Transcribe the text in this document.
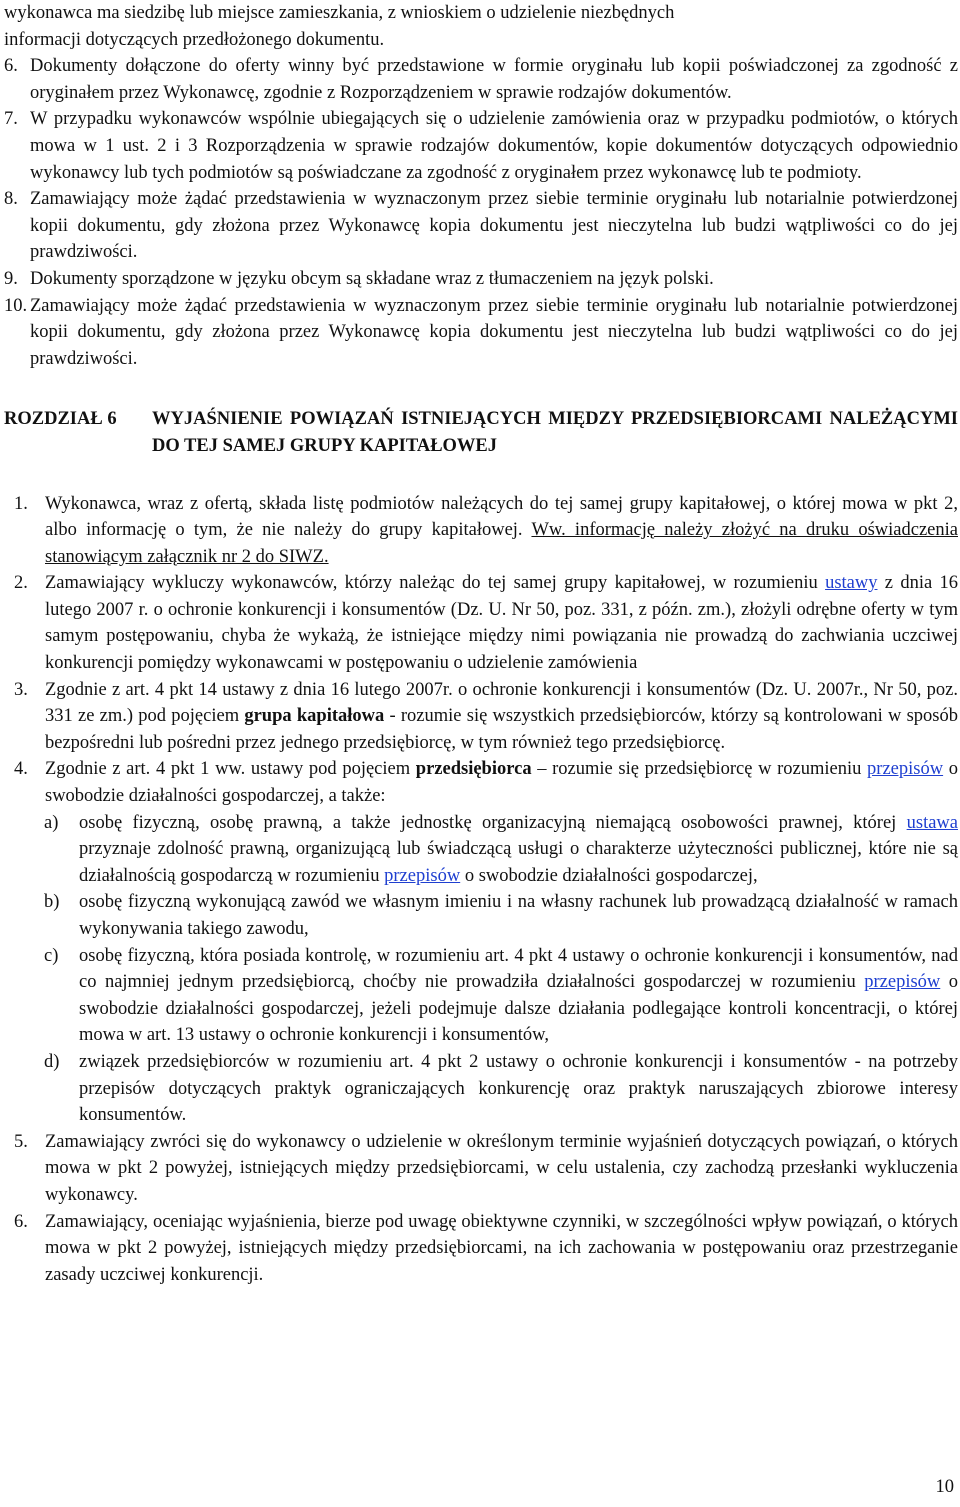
wykonawca ma siedzibę lub miejsce zamieszkania, z wnioskiem o udzielenie niezbędnych
informacji dotyczących przedłożonego dokumentu.
6. Dokumenty dołączone do oferty winny być przedstawione w formie oryginału lub kopii poświadczonej za zgodność z oryginałem przez Wykonawcę, zgodnie z Rozporządzeniem w sprawie rodzajów dokumentów.
7. W przypadku wykonawców wspólnie ubiegających się o udzielenie zamówienia oraz w przypadku podmiotów, o których mowa w 1 ust. 2 i 3 Rozporządzenia w sprawie rodzajów dokumentów, kopie dokumentów dotyczących odpowiednio wykonawcy lub tych podmiotów są poświadczane za zgodność z oryginałem przez wykonawcę lub te podmioty.
8. Zamawiający może żądać przedstawienia w wyznaczonym przez siebie terminie oryginału lub notarialnie potwierdzonej kopii dokumentu, gdy złożona przez Wykonawcę kopia dokumentu jest nieczytelna lub budzi wątpliwości co do jej prawdziwości.
9. Dokumenty sporządzone w języku obcym są składane wraz z tłumaczeniem na język polski.
10. Zamawiający może żądać przedstawienia w wyznaczonym przez siebie terminie oryginału lub notarialnie potwierdzonej kopii dokumentu, gdy złożona przez Wykonawcę kopia dokumentu jest nieczytelna lub budzi wątpliwości co do jej prawdziwości.
ROZDZIAŁ 6	WYJAŚNIENIE POWIĄZAŃ ISTNIEJĄCYCH MIĘDZY PRZEDSIĘBIORCAMI NALEŻĄCYMI DO TEJ SAMEJ GRUPY KAPITAŁOWEJ
1. Wykonawca, wraz z ofertą, składa listę podmiotów należących do tej samej grupy kapitałowej, o której mowa w pkt 2, albo informację o tym, że nie należy do grupy kapitałowej. Ww. informację należy złożyć na druku oświadczenia stanowiącym załącznik nr 2 do SIWZ.
2. Zamawiający wykluczy wykonawców, którzy należąc do tej samej grupy kapitałowej, w rozumieniu ustawy z dnia 16 lutego 2007 r. o ochronie konkurencji i konsumentów (Dz. U. Nr 50, poz. 331, z późn. zm.), złożyli odrębne oferty w tym samym postępowaniu, chyba że wykażą, że istniejące między nimi powiązania nie prowadzą do zachwiania uczciwej konkurencji pomiędzy wykonawcami w postępowaniu o udzielenie zamówienia
3. Zgodnie z art. 4 pkt 14 ustawy z dnia 16 lutego 2007r. o ochronie konkurencji i konsumentów (Dz. U. 2007r., Nr 50, poz. 331 ze zm.) pod pojęciem grupa kapitałowa - rozumie się wszystkich przedsiębiorców, którzy są kontrolowani w sposób bezpośredni lub pośredni przez jednego przedsiębiorcę, w tym również tego przedsiębiorcę.
4. Zgodnie z art. 4 pkt 1 ww. ustawy pod pojęciem przedsiębiorca – rozumie się przedsiębiorcę w rozumieniu przepisów o swobodzie działalności gospodarczej, a także:
a)	osobę fizyczną, osobę prawną, a także jednostkę organizacyjną niemającą osobowości prawnej, której ustawa przyznaje zdolność prawną, organizującą lub świadczącą usługi o charakterze użyteczności publicznej, które nie są działalnością gospodarczą w rozumieniu przepisów o swobodzie działalności gospodarczej,
b)	osobę fizyczną wykonującą zawód we własnym imieniu i na własny rachunek lub prowadzącą działalność w ramach wykonywania takiego zawodu,
c)	osobę fizyczną, która posiada kontrolę, w rozumieniu art. 4 pkt 4 ustawy o ochronie konkurencji i konsumentów, nad co najmniej jednym przedsiębiorcą, choćby nie prowadziła działalności gospodarczej w rozumieniu przepisów o swobodzie działalności gospodarczej, jeżeli podejmuje dalsze działania podlegające kontroli koncentracji, o której mowa w art. 13 ustawy o ochronie konkurencji i konsumentów,
d)	związek przedsiębiorców w rozumieniu art. 4 pkt 2 ustawy o ochronie konkurencji i konsumentów - na potrzeby przepisów dotyczących praktyk ograniczających konkurencję oraz praktyk naruszających zbiorowe interesy konsumentów.
5. Zamawiający zwróci się do wykonawcy o udzielenie w określonym terminie wyjaśnień dotyczących powiązań, o których mowa w pkt 2 powyżej, istniejących między przedsiębiorcami, w celu ustalenia, czy zachodzą przesłanki wykluczenia wykonawcy.
6. Zamawiający, oceniając wyjaśnienia, bierze pod uwagę obiektywne czynniki, w szczególności wpływ powiązań, o których mowa w pkt 2 powyżej, istniejących między przedsiębiorcami, na ich zachowania w postępowaniu oraz przestrzeganie zasady uczciwej konkurencji.
10
